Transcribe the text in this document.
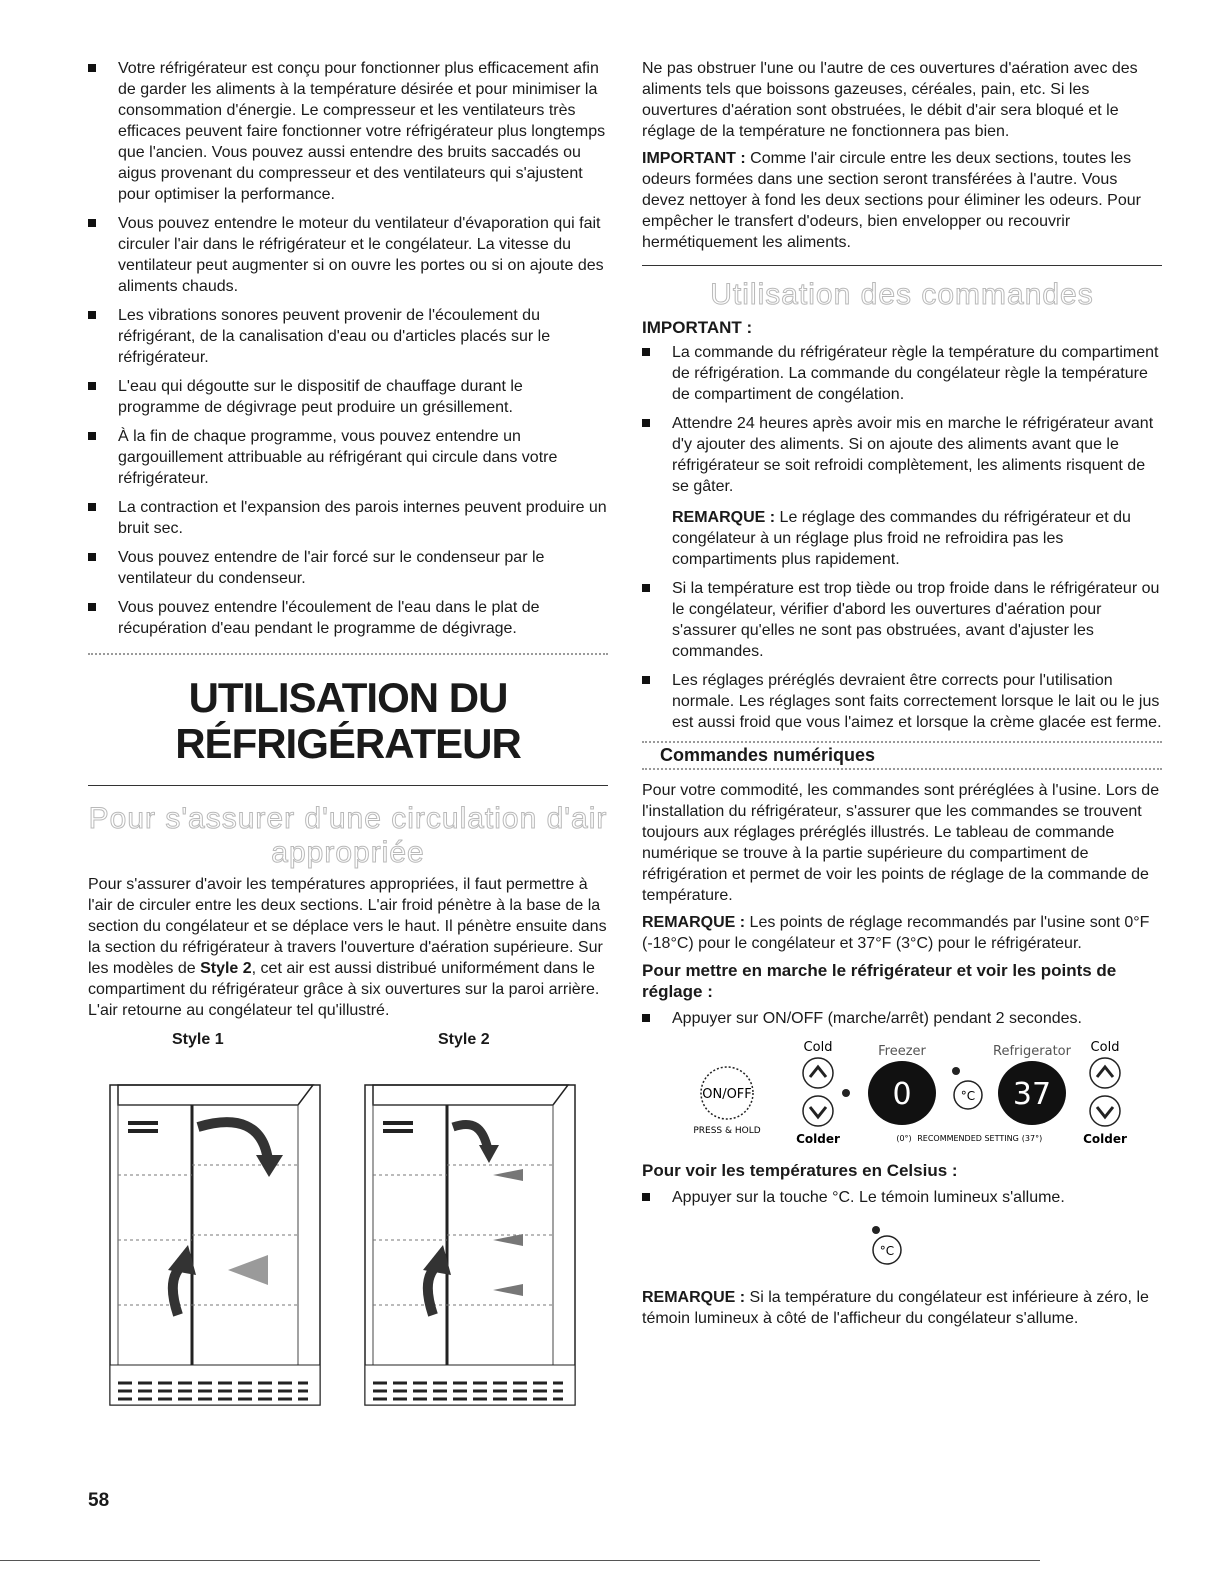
Votre réfrigérateur est conçu pour fonctionner plus efficacement afin de garder les aliments à la température désirée et pour minimiser la consommation d'énergie. Le compresseur et les ventilateurs très efficaces peuvent faire fonctionner votre réfrigérateur plus longtemps que l'ancien. Vous pouvez aussi entendre des bruits saccadés ou aigus provenant du compresseur et des ventilateurs qui s'ajustent pour optimiser la performance.
Vous pouvez entendre le moteur du ventilateur d'évaporation qui fait circuler l'air dans le réfrigérateur et le congélateur. La vitesse du ventilateur peut augmenter si on ouvre les portes ou si on ajoute des aliments chauds.
Les vibrations sonores peuvent provenir de l'écoulement du réfrigérant, de la canalisation d'eau ou d'articles placés sur le réfrigérateur.
L'eau qui dégoutte sur le dispositif de chauffage durant le programme de dégivrage peut produire un grésillement.
À la fin de chaque programme, vous pouvez entendre un gargouillement attribuable au réfrigérant qui circule dans votre réfrigérateur.
La contraction et l'expansion des parois internes peuvent produire un bruit sec.
Vous pouvez entendre de l'air forcé sur le condenseur par le ventilateur du condenseur.
Vous pouvez entendre l'écoulement de l'eau dans le plat de récupération d'eau pendant le programme de dégivrage.
UTILISATION DU
RÉFRIGÉRATEUR
Pour s'assurer d'une circulation d'air
appropriée

Pour s'assurer d'avoir les températures appropriées, il faut permettre à l'air de circuler entre les deux sections. L'air froid pénètre à la base de la section du congélateur et se déplace vers le haut. Il pénètre ensuite dans la section du réfrigérateur à travers l'ouverture d'aération supérieure. Sur les modèles de Style 2, cet air est aussi distribué uniformément dans le compartiment du réfrigérateur grâce à six ouvertures sur la paroi arrière. L'air retourne au congélateur tel qu'illustré.

Style 1	Style 2

Ne pas obstruer l'une ou l'autre de ces ouvertures d'aération avec des aliments tels que boissons gazeuses, céréales, pain, etc. Si les ouvertures d'aération sont obstruées, le débit d'air sera bloqué et le réglage de la température ne fonctionnera pas bien.

IMPORTANT : Comme l'air circule entre les deux sections, toutes les odeurs formées dans une section seront transférées à l'autre. Vous devez nettoyer à fond les deux sections pour éliminer les odeurs. Pour empêcher le transfert d'odeurs, bien envelopper ou recouvrir hermétiquement les aliments.

Utilisation des commandes
IMPORTANT :
La commande du réfrigérateur règle la température du compartiment de réfrigération. La commande du congélateur règle la température de compartiment de congélation.
Attendre 24 heures après avoir mis en marche le réfrigérateur avant d'y ajouter des aliments. Si on ajoute des aliments avant que le réfrigérateur se soit refroidi complètement, les aliments risquent de se gâter.

REMARQUE : Le réglage des commandes du réfrigérateur et du congélateur à un réglage plus froid ne refroidira pas les compartiments plus rapidement.

Si la température est trop tiède ou trop froide dans le réfrigérateur ou le congélateur, vérifier d'abord les ouvertures d'aération pour s'assurer qu'elles ne sont pas obstruées, avant d'ajuster les commandes.
Les réglages préréglés devraient être corrects pour l'utilisation normale. Les réglages sont faits correctement lorsque le lait ou le jus est aussi froid que vous l'aimez et lorsque la crème glacée est ferme.
Commandes numériques

Pour votre commodité, les commandes sont préréglées à l'usine. Lors de l'installation du réfrigérateur, s'assurer que les commandes se trouvent toujours aux réglages préréglés illustrés. Le tableau de commande numérique se trouve à la partie supérieure du compartiment de réfrigération et permet de voir les points de réglage de la commande de température.

REMARQUE : Les points de réglage recommandés par l'usine sont 0°F (-18°C) pour le congélateur et 37°F (3°C) pour le réfrigérateur.

Pour mettre en marche le réfrigérateur et voir les points de réglage :

Appuyer sur ON/OFF (marche/arrêt) pendant 2 secondes.
Cold	Freezer	Refrigerator Cold
ON/OFF
PRESS & HOLD
Colder
0	°C 37
Colder
(0°) RECOMMENDED SETTING (37°)

Pour voir les températures en Celsius :

Appuyer sur la touche °C. Le témoin lumineux s'allume.
°C

REMARQUE : Si la température du congélateur est inférieure à zéro, le témoin lumineux à côté de l'afficheur du congélateur s'allume.

58
